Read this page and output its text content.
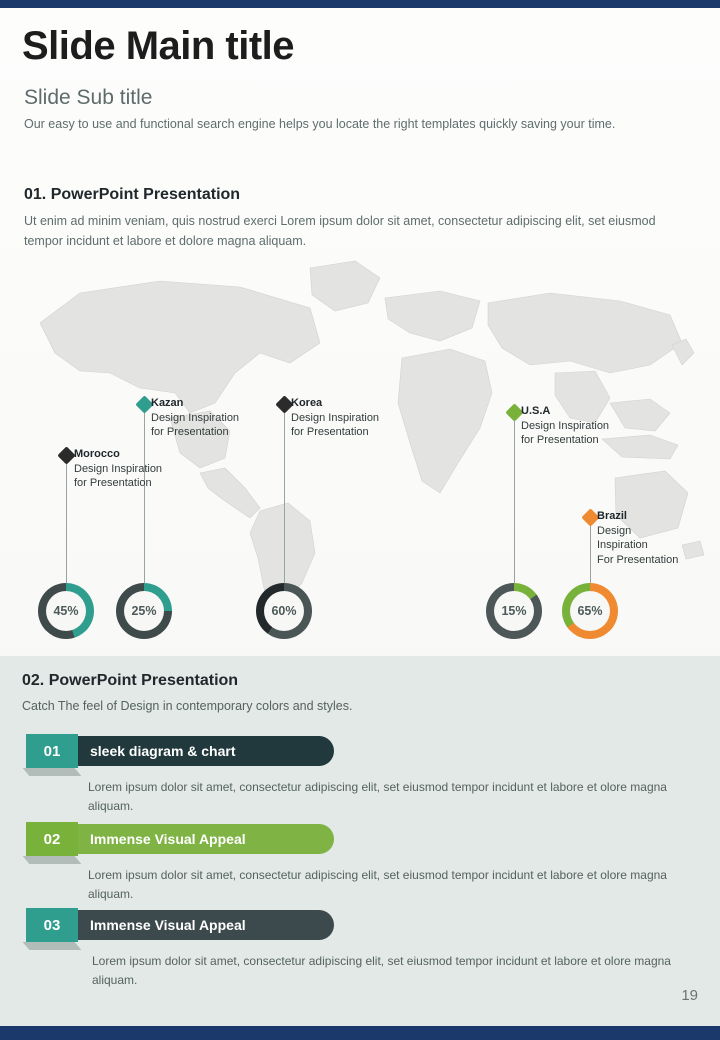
Slide Main title
Slide Sub title
Our easy to use and functional search engine helps you locate the right templates quickly saving your time.
01. PowerPoint Presentation
Ut enim ad minim veniam, quis nostrud exerci Lorem ipsum dolor sit amet, consectetur adipiscing elit, set eiusmod tempor incidunt et labore et dolore magna aliquam.
Morocco
Design Inspiration
for Presentation
Kazan
Design Inspiration
for Presentation
Korea
Design Inspiration
for Presentation
U.S.A
Design Inspiration
for Presentation
Brazil
Design
Inspiration
For Presentation
45%	25%	60%	15%	65%
02. PowerPoint Presentation
Catch The feel of Design in contemporary colors and styles.
01	sleek diagram & chart
Lorem ipsum dolor sit amet, consectetur adipiscing elit, set eiusmod tempor incidunt et labore et olore magna aliquam.
02	Immense Visual Appeal
Lorem ipsum dolor sit amet, consectetur adipiscing elit, set eiusmod tempor incidunt et labore et olore magna aliquam.
03	Immense Visual Appeal
Lorem ipsum dolor sit amet, consectetur adipiscing elit, set eiusmod tempor incidunt et labore et olore magna aliquam.
19
